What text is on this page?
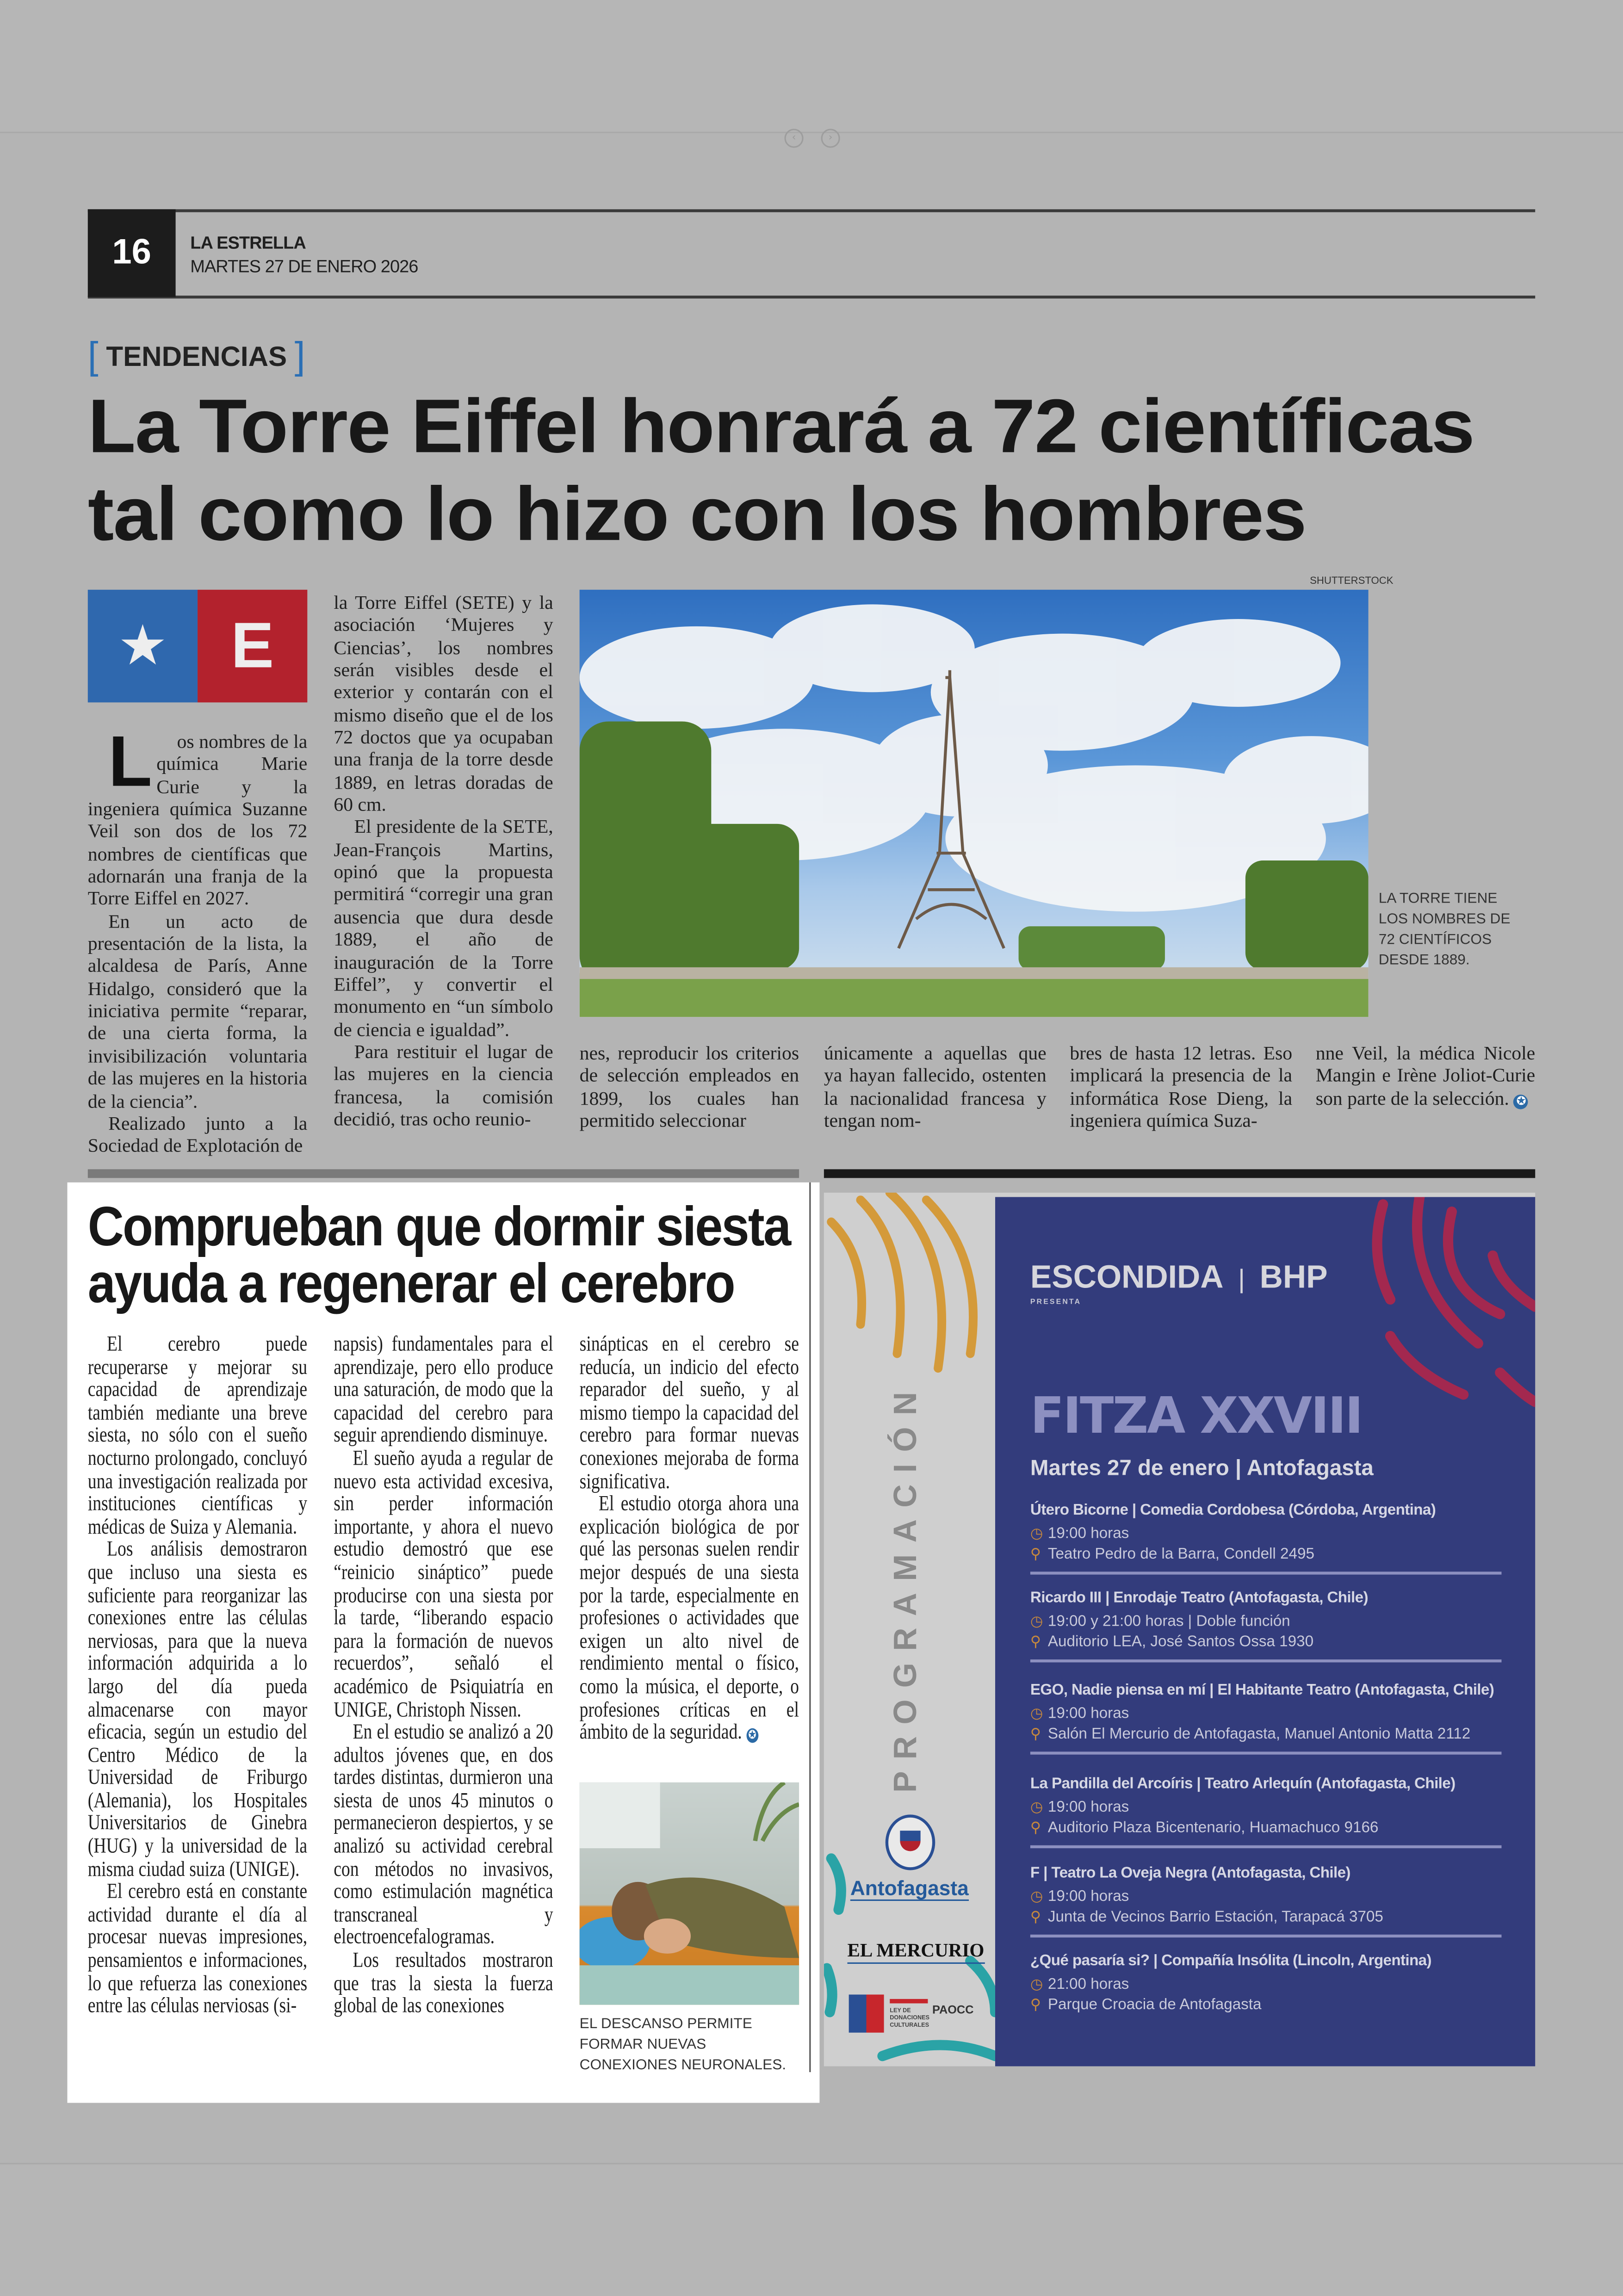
‹	›
16	LA ESTRELLA
MARTES 27 DE ENERO 2026
[ TENDENCIAS ]
La Torre Eiffel honrará a 72 científicas
tal como lo hizo con los hombres
★	E

L	os nombres de la química Marie Curie y la ingeniera química Suzanne Veil son dos de los 72 nombres de científicas que adornarán una franja de la Torre Eiffel en 2027.

En un acto de presentación de la lista, la alcaldesa de París, Anne Hidalgo, consideró que la iniciativa permite “reparar, de una cierta forma, la invisibilización voluntaria de las mujeres en la historia de la ciencia”.

Realizado junto a la Sociedad de Explotación de

la Torre Eiffel (SETE) y la asociación ‘Mujeres y Ciencias’, los nombres serán visibles desde el exterior y contarán con el mismo diseño que el de los 72 doctos que ya ocupaban una franja de la torre desde 1889, en letras doradas de 60 cm.

El presidente de la SETE, Jean-François Martins, opinó que la propuesta permitirá “corregir una gran ausencia que dura desde 1889, el año de inauguración de la Torre Eiffel”, y convertir el monumento en “un símbolo de ciencia e igualdad”.

Para restituir el lugar de las mujeres en la ciencia francesa, la comisión decidió, tras ocho reunio-

nes, reproducir los criterios de selección empleados en 1899, los cuales han permitido seleccionar

únicamente a aquellas que ya hayan fallecido, ostenten la nacionalidad francesa y tengan nom-

bres de hasta 12 letras. Eso implicará la presencia de la informática Rose Dieng, la ingeniera química Suza-

nne Veil, la médica Nicole Mangin e Irène Joliot-Curie son parte de la selección. ✪

SHUTTERSTOCK
LA TORRE TIENE LOS NOMBRES DE 72 CIENTÍFICOS DESDE 1889.
Comprueban que dormir siesta
ayuda a regenerar el cerebro

El cerebro puede recuperarse y mejorar su capacidad de aprendizaje también mediante una breve siesta, no sólo con el sueño nocturno prolongado, concluyó una investigación realizada por instituciones científicas y médicas de Suiza y Alemania.

Los análisis demostraron que incluso una siesta es suficiente para reorganizar las conexiones entre las células nerviosas, para que la nueva información adquirida a lo largo del día pueda almacenarse con mayor eficacia, según un estudio del Centro Médico de la Universidad de Friburgo (Alemania), los Hospitales Universitarios de Ginebra (HUG) y la universidad de la misma ciudad suiza (UNIGE).

El cerebro está en constante actividad durante el día al procesar nuevas impresiones, pensamientos e informaciones, lo que refuerza las conexiones entre las células nerviosas (si-

napsis) fundamentales para el aprendizaje, pero ello produce una saturación, de modo que la capacidad del cerebro para seguir aprendiendo disminuye.

El sueño ayuda a regular de nuevo esta actividad excesiva, sin perder información importante, y ahora el nuevo estudio demostró que ese “reinicio sináptico” puede producirse con una siesta por la tarde, “liberando espacio para la formación de nuevos recuerdos”, señaló el académico de Psiquiatría en UNIGE, Christoph Nissen.

En el estudio se analizó a 20 adultos jóvenes que, en dos tardes distintas, durmieron una siesta de unos 45 minutos o permanecieron despiertos, y se analizó su actividad cerebral con métodos no invasivos, como estimulación magnética transcraneal y electroencefalogramas.

Los resultados mostraron que tras la siesta la fuerza global de las conexiones

sinápticas en el cerebro se reducía, un indicio del efecto reparador del sueño, y al mismo tiempo la capacidad del cerebro para formar nuevas conexiones mejoraba de forma significativa.

El estudio otorga ahora una explicación biológica de por qué las personas suelen rendir mejor después de una siesta por la tarde, especialmente en profesiones o actividades que exigen un alto nivel de rendimiento mental o físico, como la música, el deporte, o profesiones críticas en el ámbito de la seguridad. ✪

EL DESCANSO PERMITE FORMAR NUEVAS CONEXIONES NEURONALES.
PROGRAMACIÓN
Antofagasta
EL MERCURIO
LEY DE DONACIONES CULTURALES
PAOCC
ESCONDIDA | BHP
PRESENTA
FITZA XXVIII
Martes 27 de enero | Antofagasta
Útero Bicorne | Comedia Cordobesa (Córdoba, Argentina)
◷ 19:00 horas
⚲ Teatro Pedro de la Barra, Condell 2495
Ricardo III | Enrodaje Teatro (Antofagasta, Chile)
◷ 19:00 y 21:00 horas | Doble función
⚲ Auditorio LEA, José Santos Ossa 1930
EGO, Nadie piensa en mí | El Habitante Teatro (Antofagasta, Chile)
◷ 19:00 horas
⚲ Salón El Mercurio de Antofagasta, Manuel Antonio Matta 2112
La Pandilla del Arcoíris | Teatro Arlequín (Antofagasta, Chile)
◷ 19:00 horas
⚲ Auditorio Plaza Bicentenario, Huamachuco 9166
F | Teatro La Oveja Negra (Antofagasta, Chile)
◷ 19:00 horas
⚲ Junta de Vecinos Barrio Estación, Tarapacá 3705
¿Qué pasaría si? | Compañía Insólita (Lincoln, Argentina)
◷ 21:00 horas
⚲ Parque Croacia de Antofagasta
